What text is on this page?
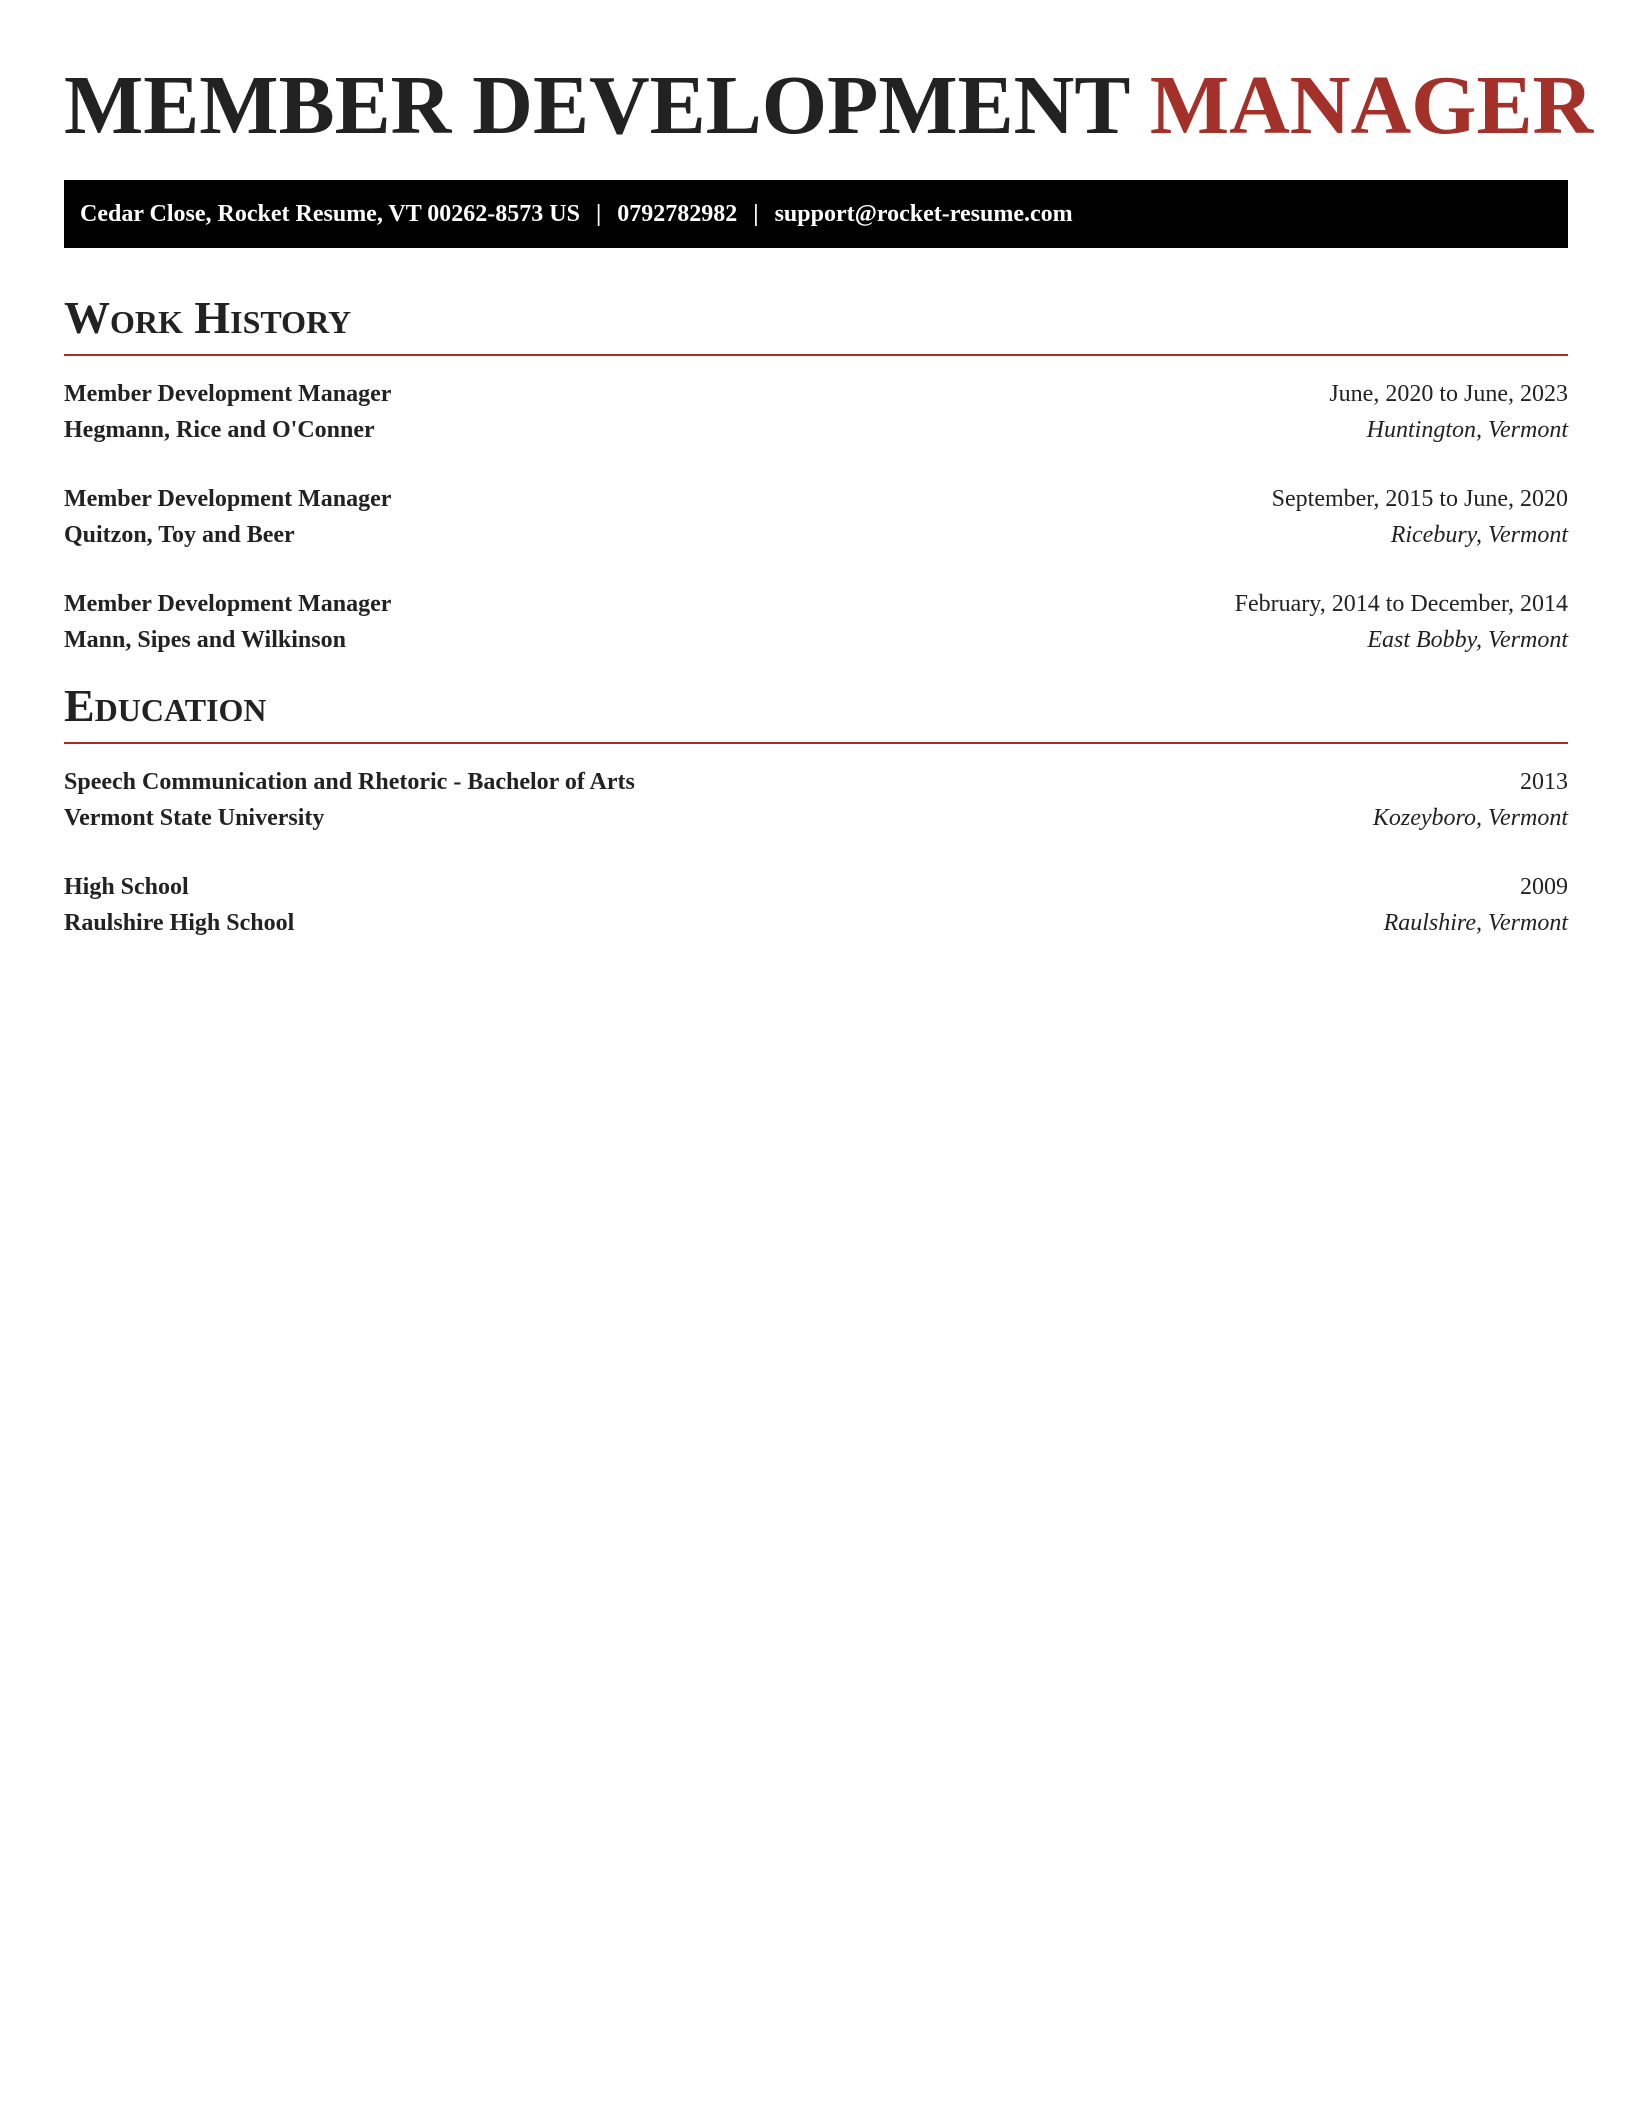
MEMBER DEVELOPMENT MANAGER
Cedar Close, Rocket Resume, VT 00262-8573 US | 0792782982 | support@rocket-resume.com
Work History
Member Development Manager	June, 2020 to June, 2023
Hegmann, Rice and O'Conner	Huntington, Vermont
Member Development Manager	September, 2015 to June, 2020
Quitzon, Toy and Beer	Ricebury, Vermont
Member Development Manager	February, 2014 to December, 2014
Mann, Sipes and Wilkinson	East Bobby, Vermont
Education
Speech Communication and Rhetoric - Bachelor of Arts	2013
Vermont State University	Kozeyboro, Vermont
High School	2009
Raulshire High School	Raulshire, Vermont
